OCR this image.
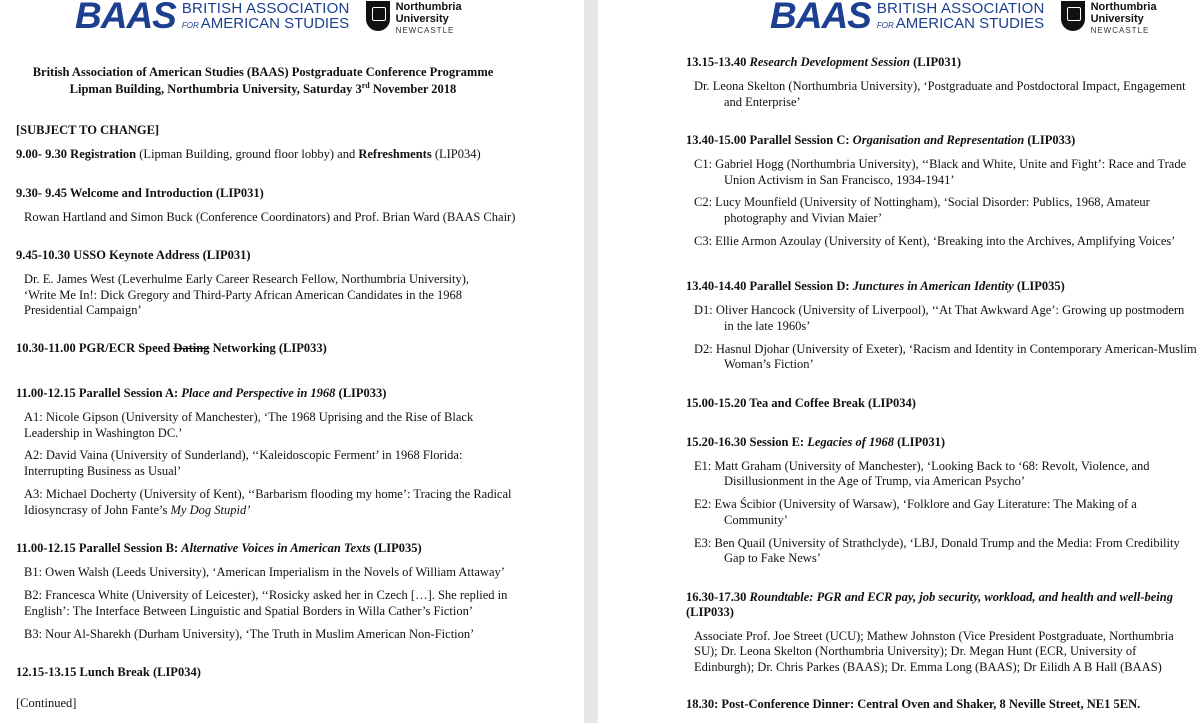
BAAS BRITISH ASSOCIATION
FOR AMERICAN STUDIES
Northumbria
University
NEWCASTLE
British Association of American Studies (BAAS) Postgraduate Conference Programme
Lipman Building, Northumbria University, Saturday 3rd November 2018
[SUBJECT TO CHANGE]
9.00- 9.30 Registration (Lipman Building, ground floor lobby) and Refreshments (LIP034)
9.30- 9.45 Welcome and Introduction (LIP031)
Rowan Hartland and Simon Buck (Conference Coordinators) and Prof. Brian Ward (BAAS Chair)
9.45-10.30 USSO Keynote Address (LIP031)
Dr. E. James West (Leverhulme Early Career Research Fellow, Northumbria University),
‘Write Me In!: Dick Gregory and Third-Party African American Candidates in the 1968
Presidential Campaign’
10.30-11.00 PGR/ECR Speed Dating Networking (LIP033)
11.00-12.15 Parallel Session A: Place and Perspective in 1968 (LIP033)
A1: Nicole Gipson (University of Manchester), ‘The 1968 Uprising and the Rise of Black
Leadership in Washington DC.’
A2: David Vaina (University of Sunderland), ‘‘Kaleidoscopic Ferment’ in 1968 Florida:
Interrupting Business as Usual’
A3: Michael Docherty (University of Kent), ‘‘Barbarism flooding my home’: Tracing the Radical
Idiosyncrasy of John Fante’s My Dog Stupid’
11.00-12.15 Parallel Session B: Alternative Voices in American Texts (LIP035)
B1: Owen Walsh (Leeds University), ‘American Imperialism in the Novels of William Attaway’
B2: Francesca White (University of Leicester), ‘‘Rosicky asked her in Czech […]. She replied in
English’: The Interface Between Linguistic and Spatial Borders in Willa Cather’s Fiction’
B3: Nour Al-Sharekh (Durham University), ‘The Truth in Muslim American Non-Fiction’
12.15-13.15 Lunch Break (LIP034)
[Continued]
BAAS BRITISH ASSOCIATION
FOR AMERICAN STUDIES
Northumbria
University
NEWCASTLE
13.15-13.40 Research Development Session (LIP031)
Dr. Leona Skelton (Northumbria University), ‘Postgraduate and Postdoctoral Impact, Engagement
and Enterprise’
13.40-15.00 Parallel Session C: Organisation and Representation (LIP033)
C1: Gabriel Hogg (Northumbria University), ‘‘Black and White, Unite and Fight’: Race and Trade
Union Activism in San Francisco, 1934-1941’
C2: Lucy Mounfield (University of Nottingham), ‘Social Disorder: Publics, 1968, Amateur
photography and Vivian Maier’
C3: Ellie Armon Azoulay (University of Kent), ‘Breaking into the Archives, Amplifying Voices’
13.40-14.40 Parallel Session D: Junctures in American Identity (LIP035)
D1: Oliver Hancock (University of Liverpool), ‘‘At That Awkward Age’: Growing up postmodern
in the late 1960s’
D2: Hasnul Djohar (University of Exeter), ‘Racism and Identity in Contemporary American-Muslim
Woman’s Fiction’
15.00-15.20 Tea and Coffee Break (LIP034)
15.20-16.30 Session E: Legacies of 1968 (LIP031)
E1: Matt Graham (University of Manchester), ‘Looking Back to ‘68: Revolt, Violence, and
Disillusionment in the Age of Trump, via American Psycho’
E2: Ewa Ścibior (University of Warsaw), ‘Folklore and Gay Literature: The Making of a
Community’
E3: Ben Quail (University of Strathclyde), ‘LBJ, Donald Trump and the Media: From Credibility
Gap to Fake News’
16.30-17.30 Roundtable: PGR and ECR pay, job security, workload, and health and well-being
(LIP033)
Associate Prof. Joe Street (UCU); Mathew Johnston (Vice President Postgraduate, Northumbria
SU); Dr. Leona Skelton (Northumbria University); Dr. Megan Hunt (ECR, University of
Edinburgh); Dr. Chris Parkes (BAAS); Dr. Emma Long (BAAS); Dr Eilidh A B Hall (BAAS)
18.30: Post-Conference Dinner: Central Oven and Shaker, 8 Neville Street, NE1 5EN.
